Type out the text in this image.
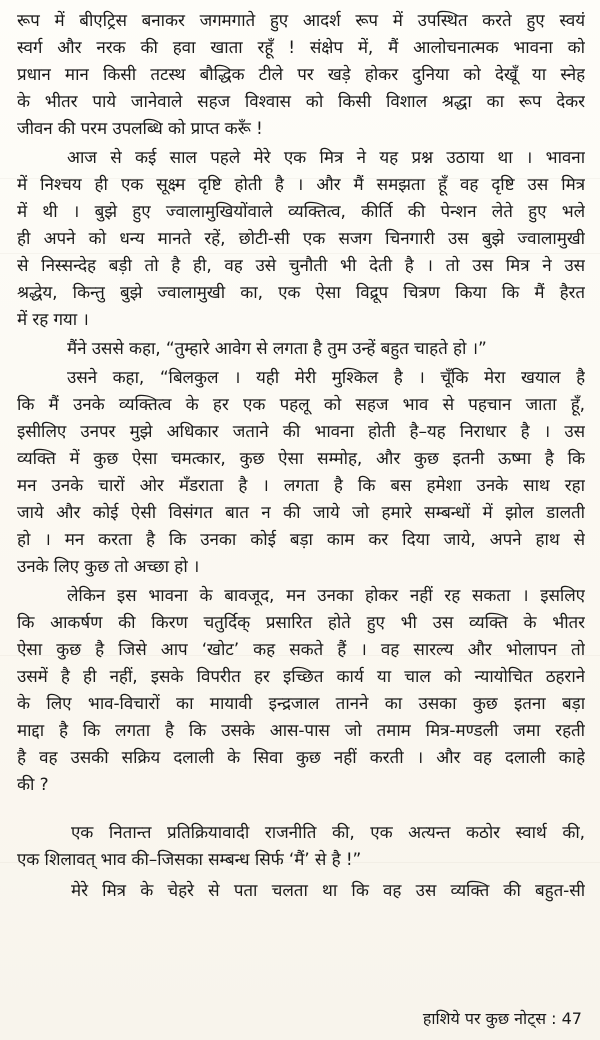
रूप में बीएट्रिस बनाकर जगमगाते हुए आदर्श रूप में उपस्थित करते हुए स्वयं
स्वर्ग और नरक की हवा खाता रहूँ ! संक्षेप में, मैं आलोचनात्मक भावना को
प्रधान मान किसी तटस्थ बौद्धिक टीले पर खड़े होकर दुनिया को देखूँ या स्नेह
के भीतर पाये जानेवाले सहज विश्वास को किसी विशाल श्रद्धा का रूप देकर
जीवन की परम उपलब्धि को प्राप्त करूँ !
आज से कई साल पहले मेरे एक मित्र ने यह प्रश्न उठाया था । भावना
में निश्चय ही एक सूक्ष्म दृष्टि होती है । और मैं समझता हूँ वह दृष्टि उस मित्र
में थी । बुझे हुए ज्वालामुखियोंवाले व्यक्तित्व, कीर्ति की पेन्शन लेते हुए भले
ही अपने को धन्य मानते रहें, छोटी-सी एक सजग चिनगारी उस बुझे ज्वालामुखी
से निस्सन्देह बड़ी तो है ही, वह उसे चुनौती भी देती है । तो उस मित्र ने उस
श्रद्धेय, किन्तु बुझे ज्वालामुखी का, एक ऐसा विद्रूप चित्रण किया कि मैं हैरत
में रह गया ।
मैंने उससे कहा, “तुम्हारे आवेग से लगता है तुम उन्हें बहुत चाहते हो ।”
उसने कहा, “बिलकुल । यही मेरी मुश्किल है । चूँकि मेरा खयाल है
कि मैं उनके व्यक्तित्व के हर एक पहलू को सहज भाव से पहचान जाता हूँ,
इसीलिए उनपर मुझे अधिकार जताने की भावना होती है–यह निराधार है । उस
व्यक्ति में कुछ ऐसा चमत्कार, कुछ ऐसा सम्मोह, और कुछ इतनी ऊष्मा है कि
मन उनके चारों ओर मँडराता है । लगता है कि बस हमेशा उनके साथ रहा
जाये और कोई ऐसी विसंगत बात न की जाये जो हमारे सम्बन्धों में झोल डालती
हो । मन करता है कि उनका कोई बड़ा काम कर दिया जाये, अपने हाथ से
उनके लिए कुछ तो अच्छा हो ।
लेकिन इस भावना के बावजूद, मन उनका होकर नहीं रह सकता । इसलिए
कि आकर्षण की किरण चतुर्दिक् प्रसारित होते हुए भी उस व्यक्ति के भीतर
ऐसा कुछ है जिसे आप ‘खोट’ कह सकते हैं । वह सारल्य और भोलापन तो
उसमें है ही नहीं, इसके विपरीत हर इच्छित कार्य या चाल को न्यायोचित ठहराने
के लिए भाव-विचारों का मायावी इन्द्रजाल तानने का उसका कुछ इतना बड़ा
माद्दा है कि लगता है कि उसके आस-पास जो तमाम मित्र-मण्डली जमा रहती
है वह उसकी सक्रिय दलाली के सिवा कुछ नहीं करती । और वह दलाली काहे
की ?
एक नितान्त प्रतिक्रियावादी राजनीति की, एक अत्यन्त कठोर स्वार्थ की,
एक शिलावत् भाव की–जिसका सम्बन्ध सिर्फ ‘मैं’ से है !”
मेरे मित्र के चेहरे से पता चलता था कि वह उस व्यक्ति की बहुत-सी
हाशिये पर कुछ नोट्स : 47
